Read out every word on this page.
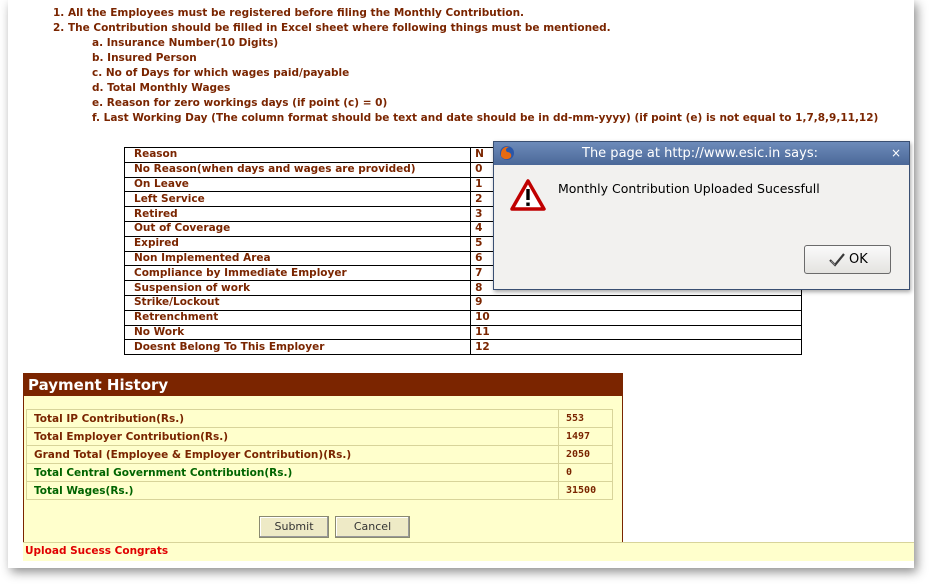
1. All the Employees must be registered before filing the Monthly Contribution.
2. The Contribution should be filled in Excel sheet where following things must be mentioned.
a. Insurance Number(10 Digits)
b. Insured Person
c. No of Days for which wages paid/payable
d. Total Monthly Wages
e. Reason for zero workings days (if point (c) = 0)
f. Last Working Day (The column format should be text and date should be in dd-mm-yyyy) (if point (e) is not equal to 1,7,8,9,11,12)
Reason	N
No Reason(when days and wages are provided)	0
On Leave	1
Left Service	2
Retired	3
Out of Coverage	4
Expired	5
Non Implemented Area	6
Compliance by Immediate Employer	7
Suspension of work	8
Strike/Lockout	9
Retrenchment	10
No Work	11
Doesnt Belong To This Employer	12
Payment History
Total IP Contribution(Rs.)	553
Total Employer Contribution(Rs.)	1497
Grand Total (Employee & Employer Contribution)(Rs.)	2050
Total Central Government Contribution(Rs.)	0
Total Wages(Rs.)	31500
Submit	Cancel
Upload Sucess Congrats
The page at http://www.esic.in says:	×
Monthly Contribution Uploaded Sucessfull
OK
